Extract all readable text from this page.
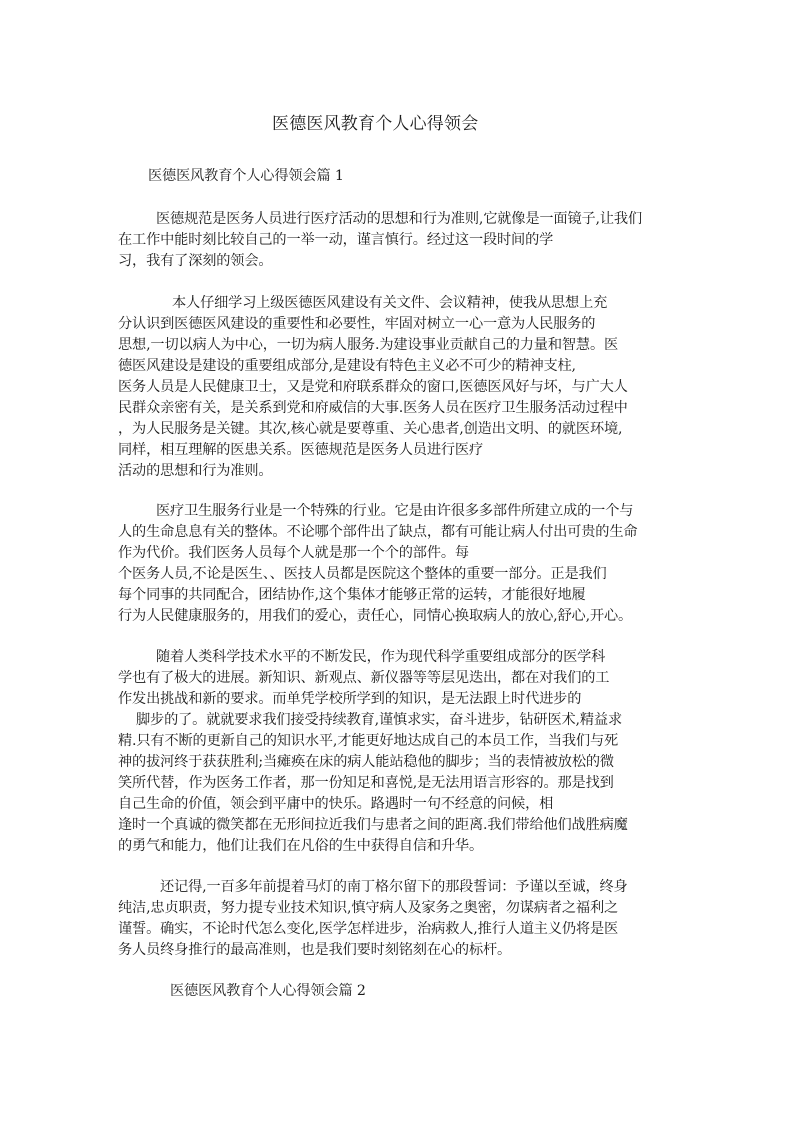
医德医风教育个人心得领会
医德医风教育个人心得领会篇 1
医德规范是医务人员进行医疗活动的思想和行为准则,它就像是一面镜子,让我们
在工作中能时刻比较自己的一举一动，谨言慎行。经过这一段时间的学
习，我有了深刻的领会。
本人仔细学习上级医德医风建设有关文件、会议精神，使我从思想上充
分认识到医德医风建设的重要性和必要性，牢固对树立一心一意为人民服务的
思想,一切以病人为中心，一切为病人服务.为建设事业贡献自己的力量和智慧。医
德医风建设是建设的重要组成部分,是建设有特色主义必不可少的精神支柱,
医务人员是人民健康卫士，又是党和府联系群众的窗口,医德医风好与坏，与广大人
民群众亲密有关，是关系到党和府威信的大事.医务人员在医疗卫生服务活动过程中
，为人民服务是关键。其次,核心就是要尊重、关心患者,创造出文明、的就医环境,
同样，相互理解的医患关系。医德规范是医务人员进行医疗
活动的思想和行为准则。
医疗卫生服务行业是一个特殊的行业。它是由许很多多部件所建立成的一个与
人的生命息息有关的整体。不论哪个部件出了缺点，都有可能让病人付出可贵的生命
作为代价。我们医务人员每个人就是那一个个的部件。每
个医务人员,不论是医生、、医技人员都是医院这个整体的重要一部分。正是我们
每个同事的共同配合，团结协作,这个集体才能够正常的运转，才能很好地履
行为人民健康服务的，用我们的爱心，责任心，同情心换取病人的放心,舒心,开心。
随着人类科学技术水平的不断发民，作为现代科学重要组成部分的医学科
学也有了极大的进展。新知识、新观点、新仪器等等层见迭出，都在对我们的工
作发出挑战和新的要求。而单凭学校所学到的知识，是无法跟上时代进步的
脚步的了。就就要求我们接受持续教育,谨慎求实，奋斗进步，钻研医术,精益求
精.只有不断的更新自己的知识水平,才能更好地达成自己的本员工作，当我们与死
神的拔河终于获获胜利;当瘫痪在床的病人能站稳他的脚步；当的表情被放松的微
笑所代替，作为医务工作者，那一份知足和喜悦,是无法用语言形容的。那是找到
自己生命的价值，领会到平庸中的快乐。路遇时一句不经意的问候，相
逢时一个真诚的微笑都在无形间拉近我们与患者之间的距离.我们带给他们战胜病魔
的勇气和能力，他们让我们在凡俗的生中获得自信和升华。
还记得,一百多年前提着马灯的南丁格尔留下的那段誓词：予谨以至诚，终身
纯洁,忠贞职责，努力提专业技术知识,慎守病人及家务之奥密，勿谋病者之福利之
谨誓。确实，不论时代怎么变化,医学怎样进步，治病救人,推行人道主义仍将是医
务人员终身推行的最高准则，也是我们要时刻铭刻在心的标杆。
医德医风教育个人心得领会篇 2
